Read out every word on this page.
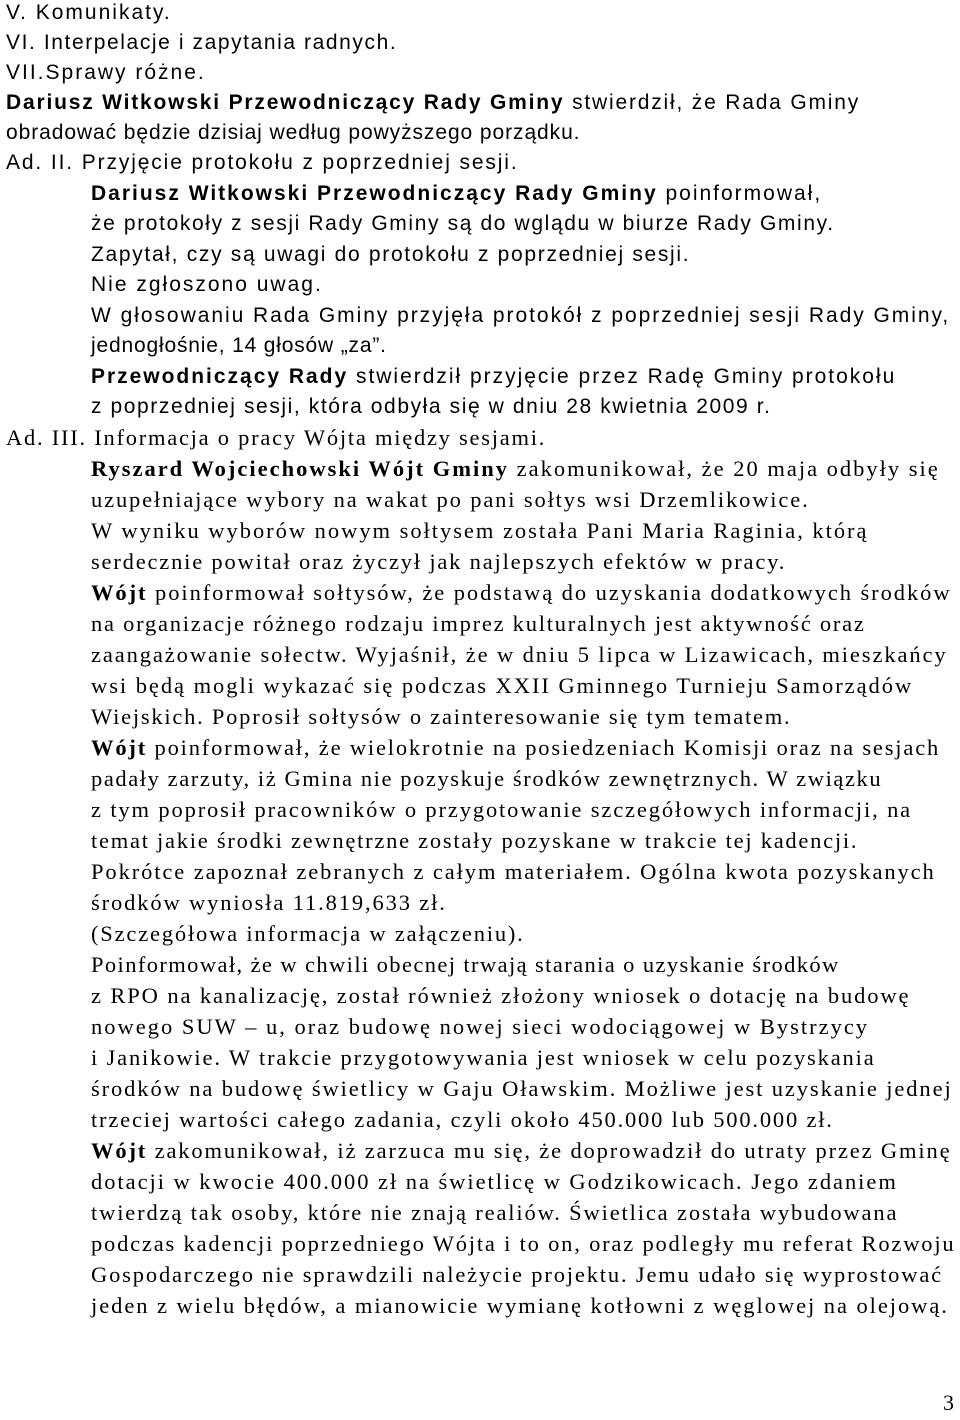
V. Komunikaty.
VI. Interpelacje i zapytania radnych.
VII.Sprawy różne.
Dariusz Witkowski Przewodniczący Rady Gminy stwierdził, że Rada Gminy
obradować będzie dzisiaj według powyższego porządku.
Ad. II. Przyjęcie protokołu z poprzedniej sesji.
Dariusz Witkowski Przewodniczący Rady Gminy poinformował,
że protokoły z sesji Rady Gminy są do wglądu w biurze Rady Gminy.
Zapytał, czy są uwagi do protokołu z poprzedniej sesji.
Nie zgłoszono uwag.
W głosowaniu Rada Gminy przyjęła protokół z poprzedniej sesji Rady Gminy,
jednogłośnie, 14 głosów „za”.
Przewodniczący Rady stwierdził przyjęcie przez Radę Gminy protokołu
z poprzedniej sesji, która odbyła się w dniu 28 kwietnia 2009 r.
Ad. III. Informacja o pracy Wójta między sesjami.
Ryszard Wojciechowski Wójt Gminy zakomunikował, że 20 maja odbyły się
uzupełniające wybory na wakat po pani sołtys wsi Drzemlikowice.
W wyniku wyborów nowym sołtysem została Pani Maria Raginia, którą
serdecznie powitał oraz życzył jak najlepszych efektów w pracy.
Wójt poinformował sołtysów, że podstawą do uzyskania dodatkowych środków
na organizacje różnego rodzaju imprez kulturalnych jest aktywność oraz
zaangażowanie sołectw. Wyjaśnił, że w dniu 5 lipca w Lizawicach, mieszkańcy
wsi będą mogli wykazać się podczas XXII Gminnego Turnieju Samorządów
Wiejskich. Poprosił sołtysów o zainteresowanie się tym tematem.
Wójt poinformował, że wielokrotnie na posiedzeniach Komisji oraz na sesjach
padały zarzuty, iż Gmina nie pozyskuje środków zewnętrznych. W związku
z tym poprosił pracowników o przygotowanie szczegółowych informacji, na
temat jakie środki zewnętrzne zostały pozyskane w trakcie tej kadencji.
Pokrótce zapoznał zebranych z całym materiałem. Ogólna kwota pozyskanych
środków wyniosła 11.819,633 zł.
(Szczegółowa informacja w załączeniu).
Poinformował, że w chwili obecnej trwają starania o uzyskanie środków
z RPO na kanalizację, został również złożony wniosek o dotację na budowę
nowego SUW – u, oraz budowę nowej sieci wodociągowej w Bystrzycy
i Janikowie. W trakcie przygotowywania jest wniosek w celu pozyskania
środków na budowę świetlicy w Gaju Oławskim. Możliwe jest uzyskanie jednej
trzeciej wartości całego zadania, czyli około 450.000 lub 500.000 zł.
Wójt zakomunikował, iż zarzuca mu się, że doprowadził do utraty przez Gminę
dotacji w kwocie 400.000 zł na świetlicę w Godzikowicach. Jego zdaniem
twierdzą tak osoby, które nie znają realiów. Świetlica została wybudowana
podczas kadencji poprzedniego Wójta i to on, oraz podległy mu referat Rozwoju
Gospodarczego nie sprawdzili należycie projektu. Jemu udało się wyprostować
jeden z wielu błędów, a mianowicie wymianę kotłowni z węglowej na olejową.
3
